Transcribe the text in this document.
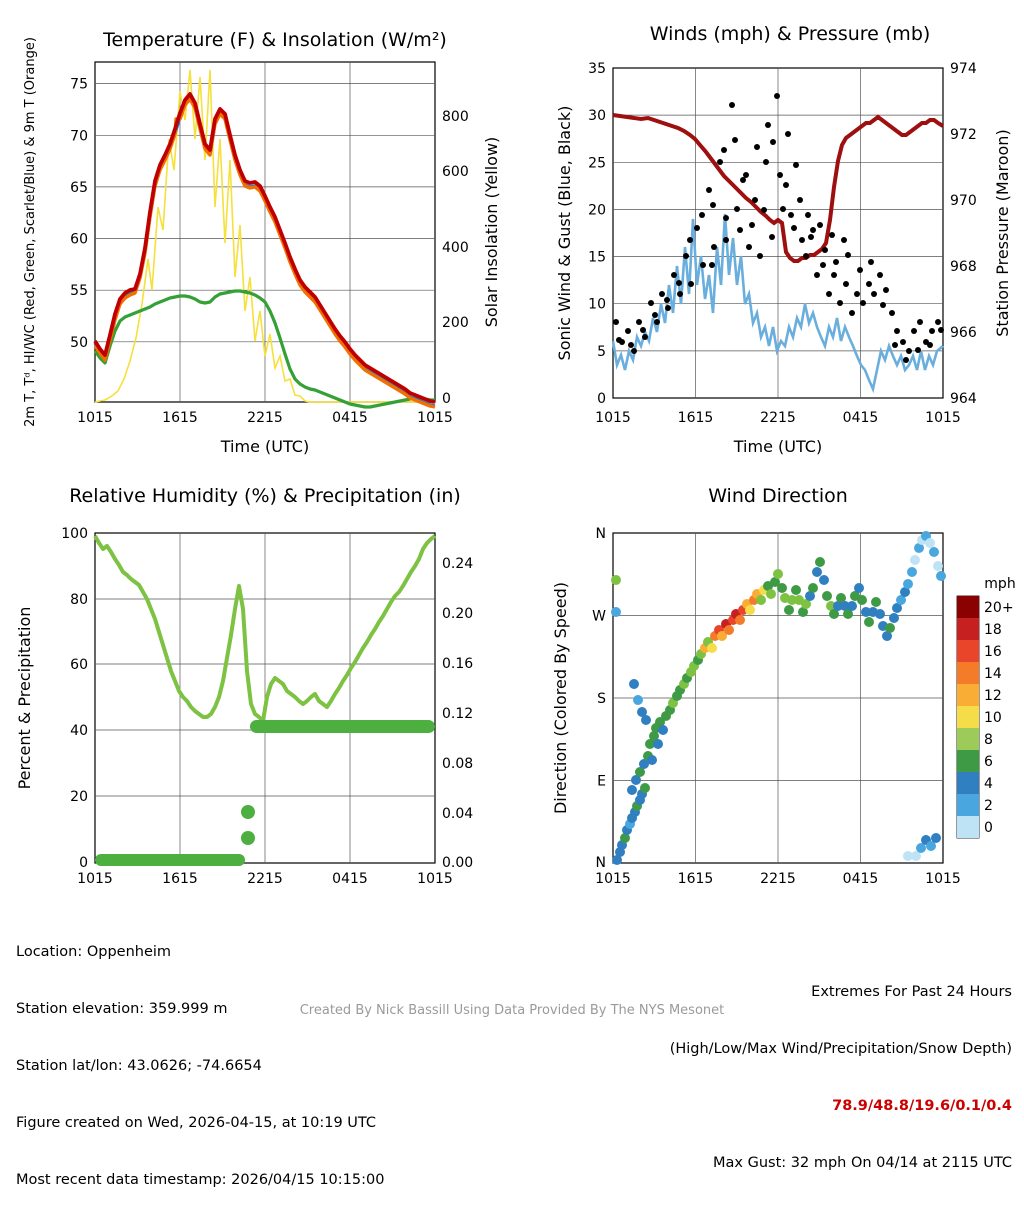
Temperature (F) & Insolation (W/m²)
50
55
60
65
70
75
0
200
400
600
800
1015	1615	2215	0415	1015
Time (UTC)
2m T, Tᵈ, HI/WC (Red, Green, Scarlet/Blue) & 9m T (Orange)	Solar Insolation (Yellow)
Winds (mph) & Pressure (mb)
0
5
10
15
20
25
30
35
964
966
968
970
972
974
1015	1615	2215	0415	1015
Time (UTC)
Sonic Wind & Gust (Blue, Black)	Station Pressure (Maroon)
Relative Humidity (%) & Precipitation (in)
0
20
40
60
80
100
0.00
0.04
0.08
0.12
0.16
0.20
0.24
1015	1615	2215	0415	1015
Percent & Precipitation
Wind Direction
N
E
S
W
N
1015	1615	2215	0415	1015
Direction (Colored By Speed)	mph
20+
18
16
14
12
10
8
6
4
2
0

Location: Oppenheim

Station elevation: 359.999 m

Station lat/lon: 43.0626; -74.6654

Figure created on Wed, 2026-04-15, at 10:19 UTC

Most recent data timestamp: 2026/04/15 10:15:00

Extremes For Past 24 Hours

(High/Low/Max Wind/Precipitation/Snow Depth)

78.9/48.8/19.6/0.1/0.4

Max Gust: 32 mph On 04/14 at 2115 UTC

Created By Nick Bassill Using Data Provided By The NYS Mesonet
